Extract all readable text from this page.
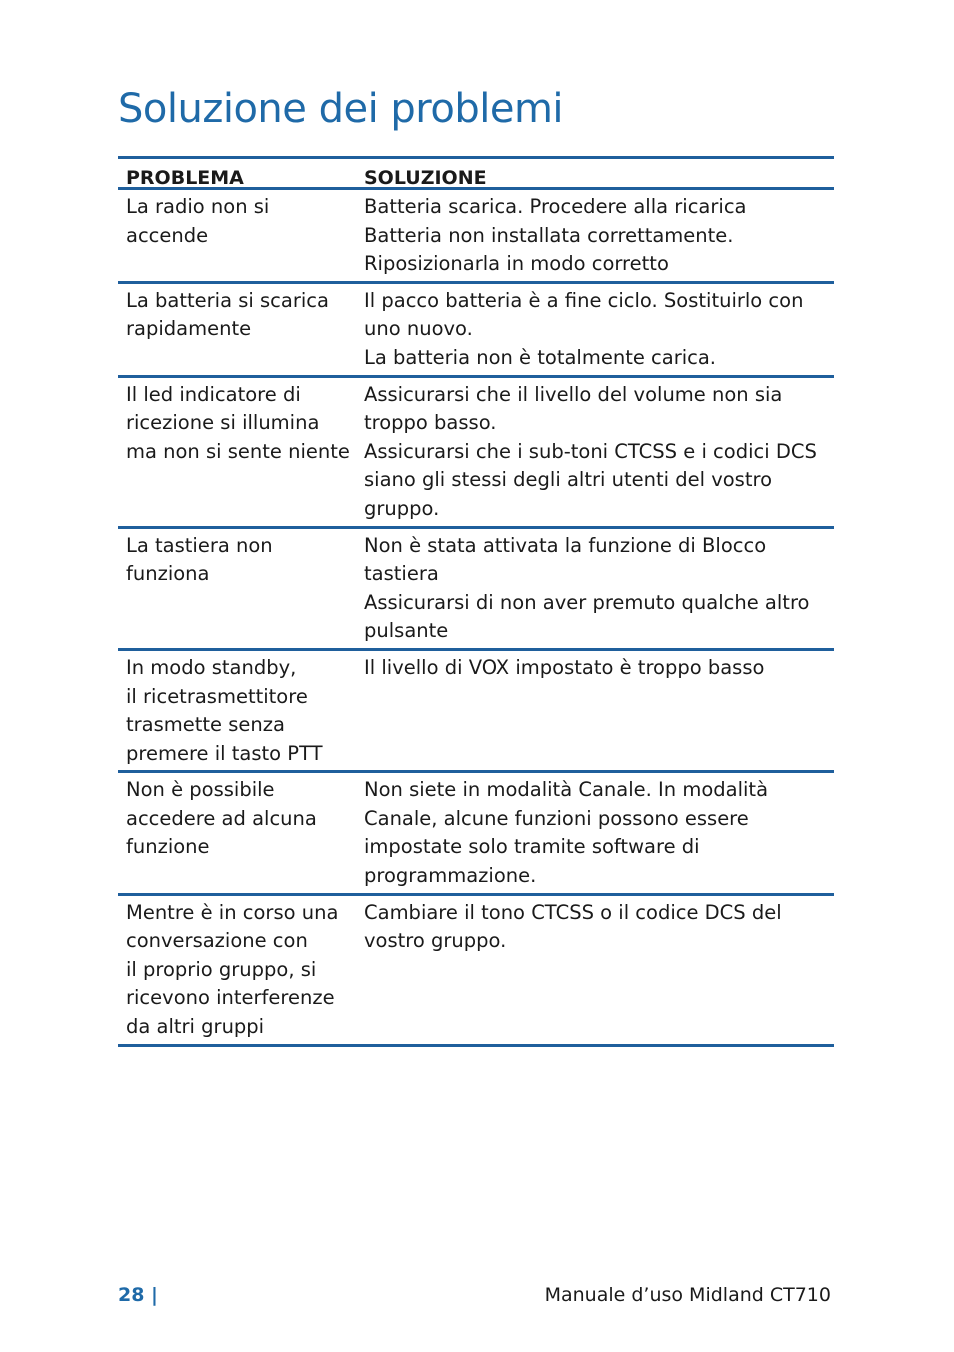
Soluzione dei problemi
PROBLEMA	SOLUZIONE
La radio non si
accende
Batteria scarica. Procedere alla ricarica
Batteria non installata correttamente.
Riposizionarla in modo corretto
La batteria si scarica
rapidamente
Il pacco batteria è a fine ciclo. Sostituirlo con
uno nuovo.
La batteria non è totalmente carica.
Il led indicatore di
ricezione si illumina
ma non si sente niente
Assicurarsi che il livello del volume non sia
troppo basso.
Assicurarsi che i sub-toni CTCSS e i codici DCS
siano gli stessi degli altri utenti del vostro
gruppo.
La tastiera non
funziona
Non è stata attivata la funzione di Blocco
tastiera
Assicurarsi di non aver premuto qualche altro
pulsante
In modo standby,
il ricetrasmettitore
trasmette senza
premere il tasto PTT
Il livello di VOX impostato è troppo basso
Non è possibile
accedere ad alcuna
funzione
Non siete in modalità Canale. In modalità
Canale, alcune funzioni possono essere
impostate solo tramite software di
programmazione.
Mentre è in corso una
conversazione con
il proprio gruppo, si
ricevono interferenze
da altri gruppi
Cambiare il tono CTCSS o il codice DCS del
vostro gruppo.
28 |	Manuale d’uso Midland CT710
